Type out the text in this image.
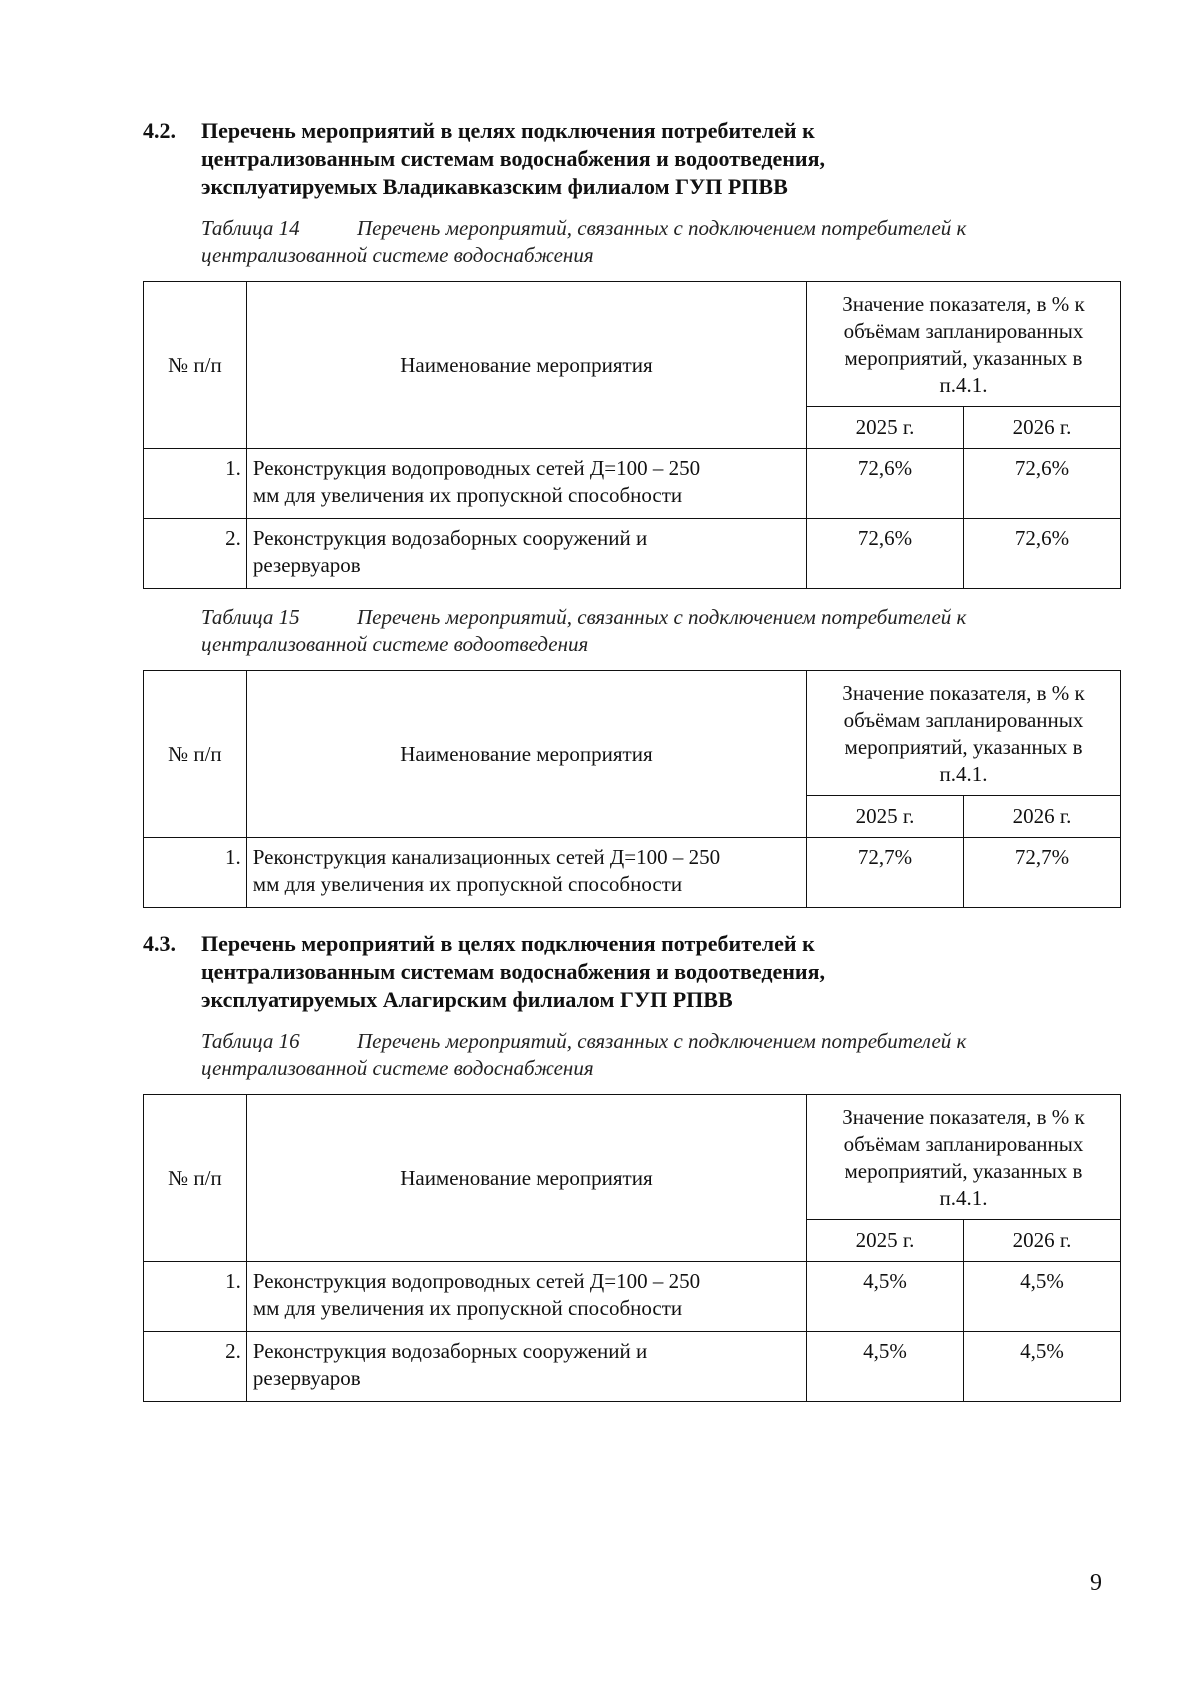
4.2.	Перечень мероприятий в целях подключения потребителей к
централизованным системам водоснабжения и водоотведения,
эксплуатируемых Владикавказским филиалом ГУП РПВВ
Таблица 14	Перечень мероприятий, связанных с подключением потребителей к
централизованной системе водоснабжения
№ п/п	Наименование мероприятия	Значение показателя, в % к
объёмам запланированных
мероприятий, указанных в
п.4.1.	

		2025 г.	2026 г.
1.	Реконструкция водопроводных сетей Д=100 – 250
мм для увеличения их пропускной способности	72,6%	72,6%
2.	Реконструкция водозаборных сооружений и
резервуаров	72,6%	72,6%
Таблица 15	Перечень мероприятий, связанных с подключением потребителей к
централизованной системе водоотведения
№ п/п	Наименование мероприятия	Значение показателя, в % к
объёмам запланированных
мероприятий, указанных в
п.4.1.	

		2025 г.	2026 г.
1.	Реконструкция канализационных сетей Д=100 – 250
мм для увеличения их пропускной способности	72,7%	72,7%
4.3.	Перечень мероприятий в целях подключения потребителей к
централизованным системам водоснабжения и водоотведения,
эксплуатируемых Алагирским филиалом ГУП РПВВ
Таблица 16	Перечень мероприятий, связанных с подключением потребителей к
централизованной системе водоснабжения
№ п/п	Наименование мероприятия	Значение показателя, в % к
объёмам запланированных
мероприятий, указанных в
п.4.1.	

		2025 г.	2026 г.
1.	Реконструкция водопроводных сетей Д=100 – 250
мм для увеличения их пропускной способности	4,5%	4,5%
2.	Реконструкция водозаборных сооружений и
резервуаров	4,5%	4,5%
9
